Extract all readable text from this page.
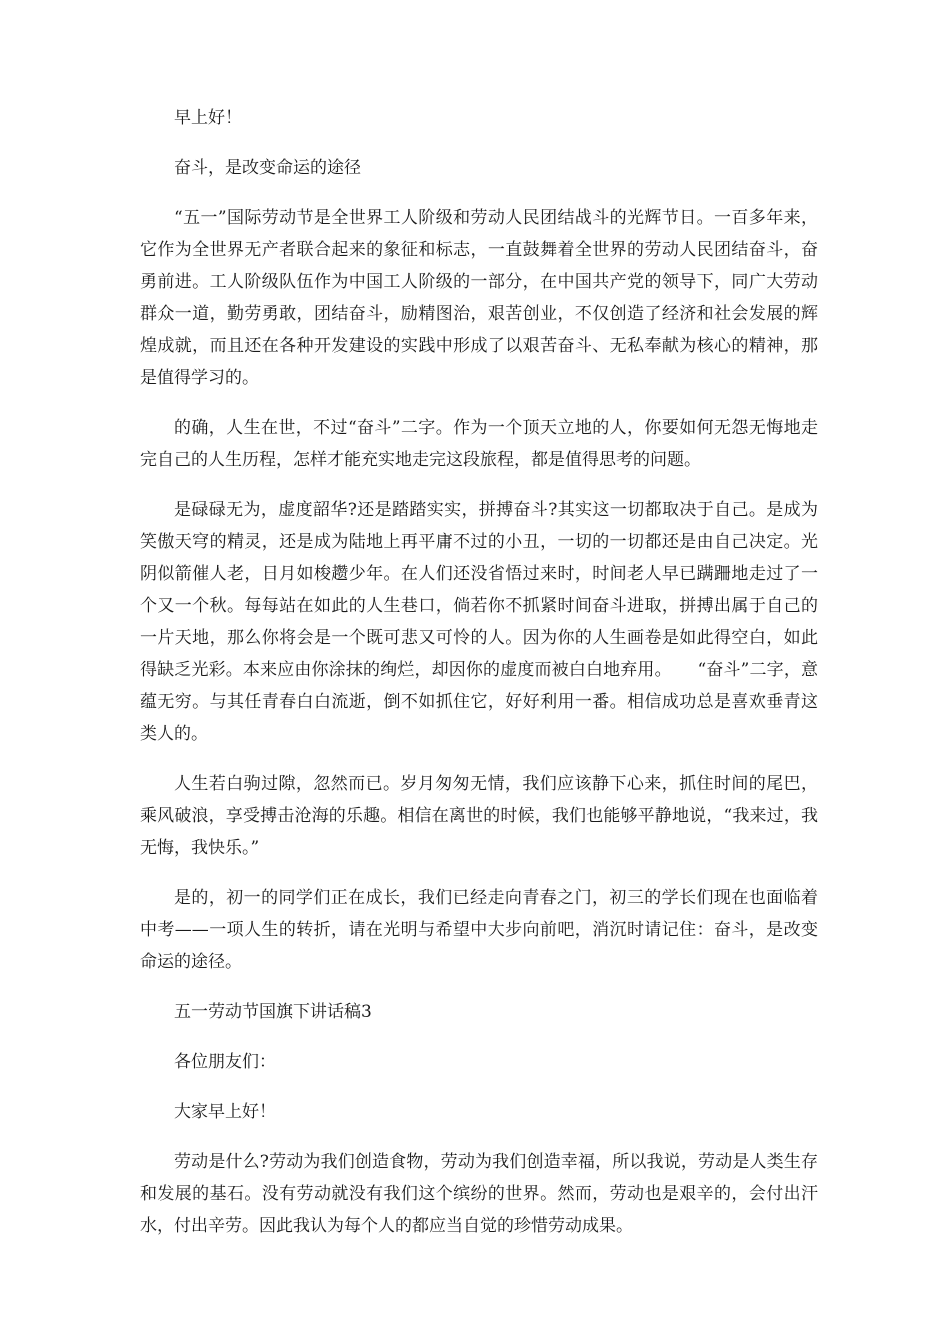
早上好！

奋斗，是改变命运的途径

“五一”国际劳动节是全世界工人阶级和劳动人民团结战斗的光辉节日。一百多年来，它作为全世界无产者联合起来的象征和标志，一直鼓舞着全世界的劳动人民团结奋斗，奋勇前进。工人阶级队伍作为中国工人阶级的一部分，在中国共产党的领导下，同广大劳动群众一道，勤劳勇敢，团结奋斗，励精图治，艰苦创业，不仅创造了经济和社会发展的辉煌成就，而且还在各种开发建设的实践中形成了以艰苦奋斗、无私奉献为核心的精神，那是值得学习的。

的确，人生在世，不过“奋斗”二字。作为一个顶天立地的人，你要如何无怨无悔地走完自己的人生历程，怎样才能充实地走完这段旅程，都是值得思考的问题。

是碌碌无为，虚度韶华?还是踏踏实实，拼搏奋斗?其实这一切都取决于自己。是成为笑傲天穹的精灵，还是成为陆地上再平庸不过的小丑，一切的一切都还是由自己决定。光阴似箭催人老，日月如梭趱少年。在人们还没省悟过来时，时间老人早已蹒跚地走过了一个又一个秋。每每站在如此的人生巷口，倘若你不抓紧时间奋斗进取，拼搏出属于自己的一片天地，那么你将会是一个既可悲又可怜的人。因为你的人生画卷是如此得空白，如此得缺乏光彩。本来应由你涂抹的绚烂，却因你的虚度而被白白地弃用。　　“奋斗”二字，意蕴无穷。与其任青春白白流逝，倒不如抓住它，好好利用一番。相信成功总是喜欢垂青这类人的。

人生若白驹过隙，忽然而已。岁月匆匆无情，我们应该静下心来，抓住时间的尾巴，乘风破浪，享受搏击沧海的乐趣。相信在离世的时候，我们也能够平静地说，“我来过，我无悔，我快乐。”

是的，初一的同学们正在成长，我们已经走向青春之门，初三的学长们现在也面临着中考——一项人生的转折，请在光明与希望中大步向前吧，消沉时请记住：奋斗，是改变命运的途径。

五一劳动节国旗下讲话稿3

各位朋友们：

大家早上好！

劳动是什么?劳动为我们创造食物，劳动为我们创造幸福，所以我说，劳动是人类生存和发展的基石。没有劳动就没有我们这个缤纷的世界。然而，劳动也是艰辛的，会付出汗水，付出辛劳。因此我认为每个人的都应当自觉的珍惜劳动成果。
